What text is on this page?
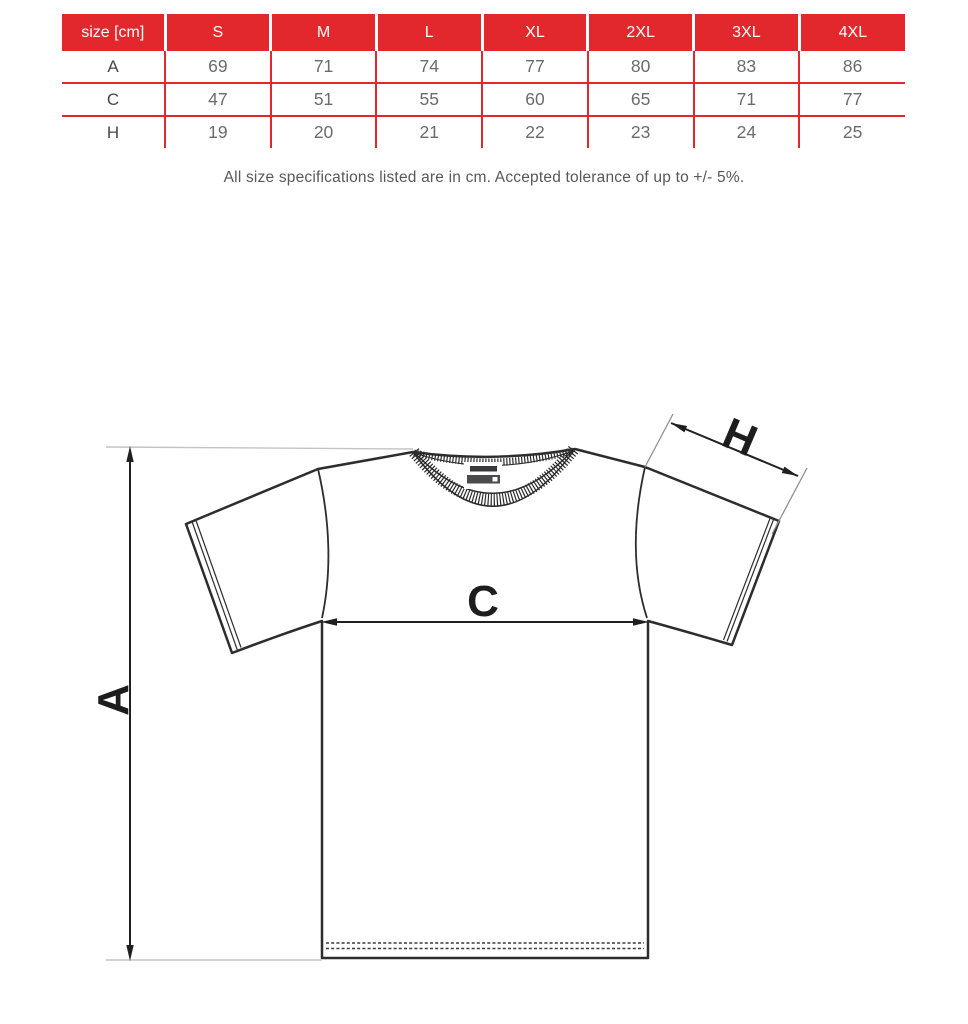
size [cm]	S	M	L	XL	2XL	3XL	4XL
A	69	71	74	77	80	83	86
C	47	51	55	60	65	71	77
H	19	20	21	22	23	24	25
All size specifications listed are in cm. Accepted tolerance of up to +/- 5%.
A
C
H
